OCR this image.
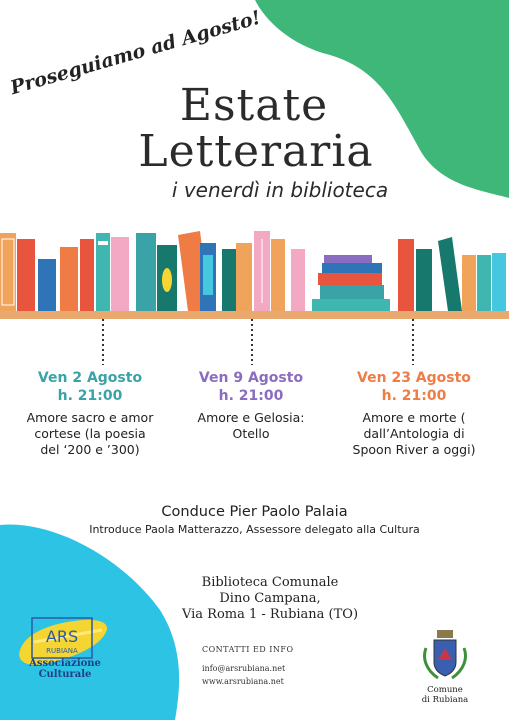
Proseguiamo ad Agosto!
Estate
Letteraria
i venerdì in biblioteca
Ven 2 Agosto
h. 21:00
Amore sacro e amor
cortese (la poesia
del ‘200 e ’300)
Ven 9 Agosto
h. 21:00
Amore e Gelosia:
Otello
Ven 23 Agosto
h. 21:00
Amore e morte (
dall’Antologia di
Spoon River a oggi)
Conduce Pier Paolo Palaia
Introduce Paola Matterazzo, Assessore delegato alla Cultura
Biblioteca Comunale
Dino Campana,
Via Roma 1 - Rubiana (TO)
CONTATTI ED INFO
info@arsrubiana.net
www.arsrubiana.net
ARS
RUBIANA
Associazione
Culturale
Comune
di Rubiana
